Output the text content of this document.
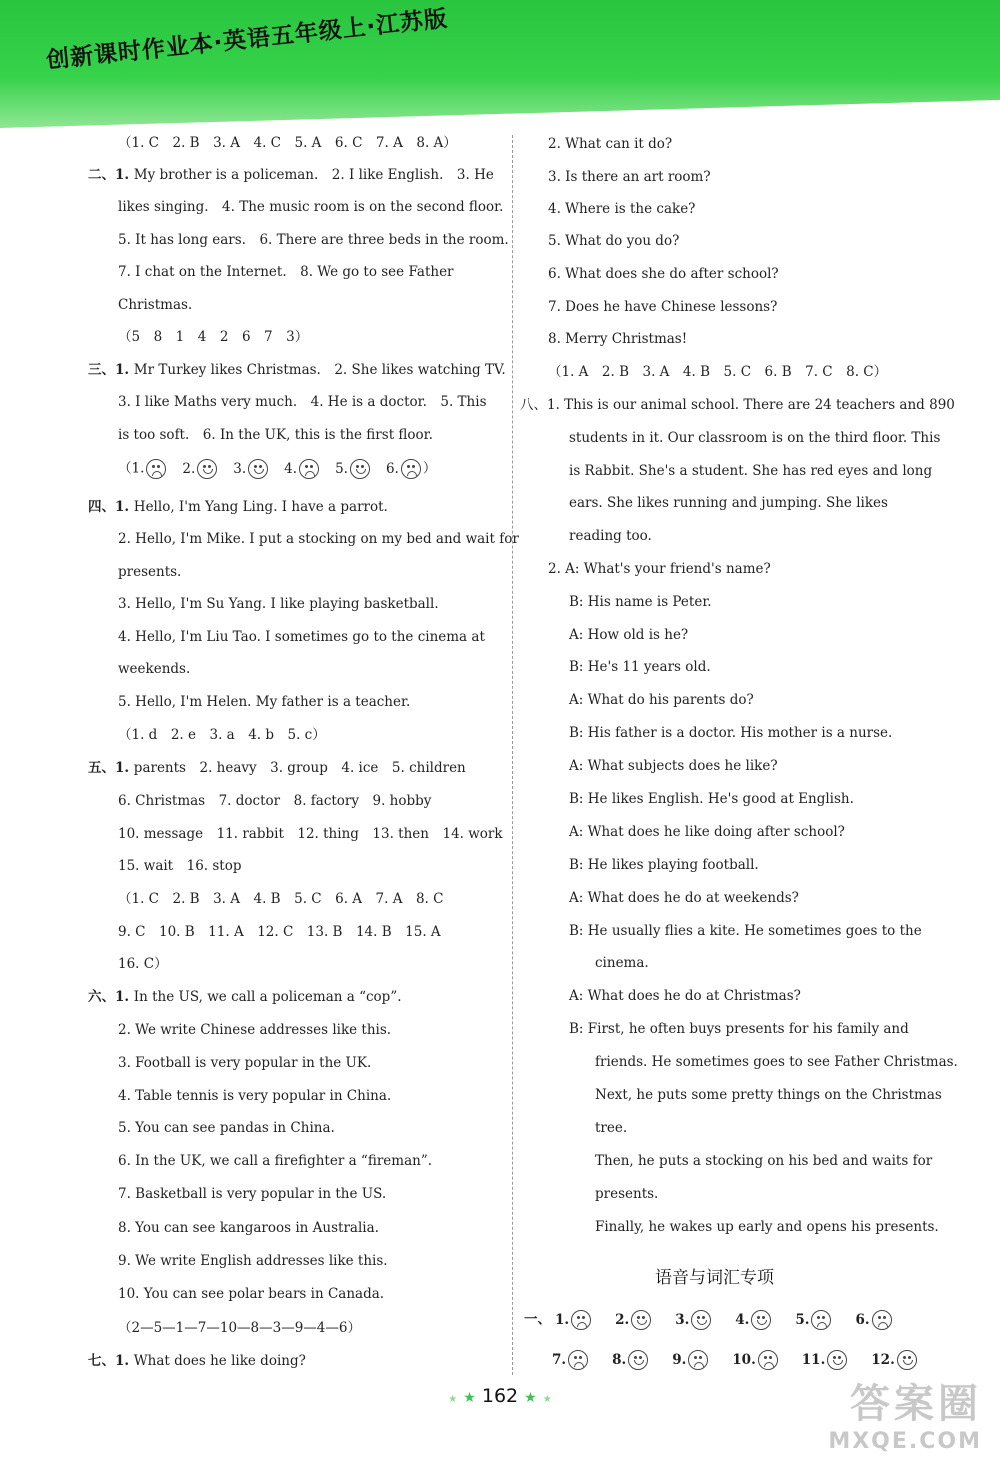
创新课时作业本·英语五年级上·江苏版
（1. C　2. B　3. A　4. C　5. A　6. C　7. A　8. A）
二、1. My brother is a policeman.　2. I like English.　3. He
likes singing.　4. The music room is on the second floor.
5. It has long ears.　6. There are three beds in the room.
7. I chat on the Internet.　8. We go to see Father
Christmas.
（5　8　1　4　2　6　7　3）
三、1. Mr Turkey likes Christmas.　2. She likes watching TV.
3. I like Maths very much.　4. He is a doctor.　5. This
is too soft.　6. In the UK, this is the first floor.
四、1. Hello, I'm Yang Ling. I have a parrot.
2. Hello, I'm Mike. I put a stocking on my bed and wait for
presents.
3. Hello, I'm Su Yang. I like playing basketball.
4. Hello, I'm Liu Tao. I sometimes go to the cinema at
weekends.
5. Hello, I'm Helen. My father is a teacher.
（1. d　2. e　3. a　4. b　5. c）
五、1. parents　2. heavy　3. group　4. ice　5. children
6. Christmas　7. doctor　8. factory　9. hobby
10. message　11. rabbit　12. thing　13. then　14. work
15. wait　16. stop
（1. C　2. B　3. A　4. B　5. C　6. A　7. A　8. C
9. C　10. B　11. A　12. C　13. B　14. B　15. A
16. C）
六、1. In the US, we call a policeman a “cop”.
2. We write Chinese addresses like this.
3. Football is very popular in the UK.
4. Table tennis is very popular in China.
5. You can see pandas in China.
6. In the UK, we call a firefighter a “fireman”.
7. Basketball is very popular in the US.
8. You can see kangaroos in Australia.
9. We write English addresses like this.
10. You can see polar bears in Canada.
（2—5—1—7—10—8—3—9—4—6）
七、1. What does he like doing?
（1.	2.	3.	4.	5.	6. ）
2. What can it do?
3. Is there an art room?
4. Where is the cake?
5. What do you do?
6. What does she do after school?
7. Does he have Chinese lessons?
8. Merry Christmas!
（1. A　2. B　3. A　4. B　5. C　6. B　7. C　8. C）
八、1. This is our animal school. There are 24 teachers and 890
students in it. Our classroom is on the third floor. This
is Rabbit. She's a student. She has red eyes and long
ears. She likes running and jumping. She likes
reading too.
2. A: What's your friend's name?
B: His name is Peter.
A: How old is he?
B: He's 11 years old.
A: What do his parents do?
B: His father is a doctor. His mother is a nurse.
A: What subjects does he like?
B: He likes English. He's good at English.
A: What does he like doing after school?
B: He likes playing football.
A: What does he do at weekends?
B: He usually flies a kite. He sometimes goes to the
cinema.
A: What does he do at Christmas?
B: First, he often buys presents for his family and
friends. He sometimes goes to see Father Christmas.
Next, he puts some pretty things on the Christmas
tree.
Then, he puts a stocking on his bed and waits for
presents.
Finally, he wakes up early and opens his presents.
一、 1.	2.	3.	4.	5.	6.
7.	8.	9.	10.	11.	12.
语音与词汇专项
★ ★ 162 ★ ★	答案圈
MXQE.COM
